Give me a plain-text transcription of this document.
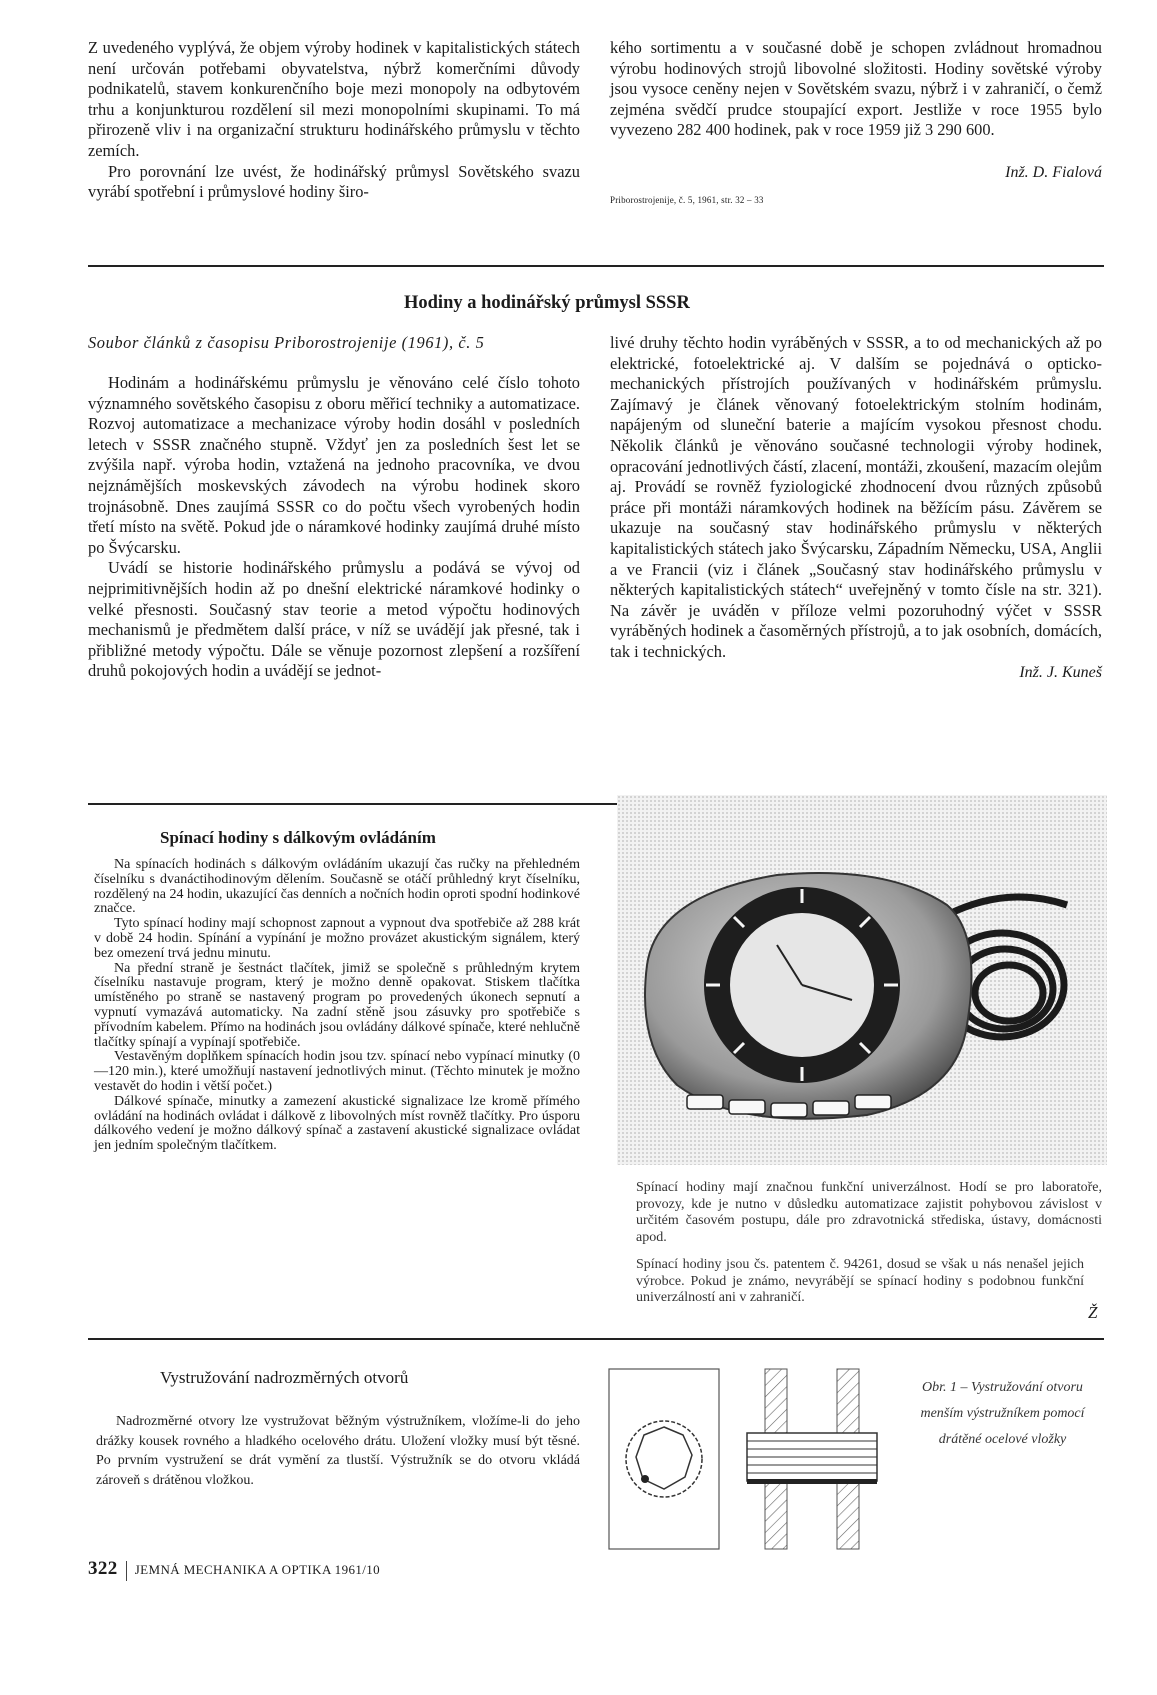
Z uvedeného vyplývá, že objem výroby hodinek v kapitalistických státech není určován potřebami obyvatelstva, nýbrž komerčními důvody podnikatelů, stavem konkurenčního boje mezi monopoly na odbytovém trhu a konjunkturou rozdělení sil mezi monopolními skupinami. To má přirozeně vliv i na organizační strukturu hodinářského průmyslu v těchto zemích.

Pro porovnání lze uvést, že hodinářský průmysl Sovětského svazu vyrábí spotřební i průmyslové hodiny širo-

kého sortimentu a v současné době je schopen zvládnout hromadnou výrobu hodinových strojů libovolné složitosti. Hodiny sovětské výroby jsou vysoce ceněny nejen v Sovětském svazu, nýbrž i v zahraničí, o čemž zejména svědčí prudce stoupající export. Jestliže v roce 1955 bylo vyvezeno 282 400 hodinek, pak v roce 1959 již 3 290 600.

Inž. D. Fialová
Priborostrojenije, č. 5, 1961, str. 32 – 33
Hodiny a hodinářský průmysl SSSR
Soubor článků z časopisu Priborostrojenije (1961), č. 5

Hodinám a hodinářskému průmyslu je věnováno celé číslo tohoto významného sovětského časopisu z oboru měřicí techniky a automatizace. Rozvoj automatizace a mechanizace výroby hodin dosáhl v posledních letech v SSSR značného stupně. Vždyť jen za posledních šest let se zvýšila např. výroba hodin, vztažená na jednoho pracovníka, ve dvou nejznámějších moskevských závodech na výrobu hodinek skoro trojnásobně. Dnes zaujímá SSSR co do počtu všech vyrobených hodin třetí místo na světě. Pokud jde o náramkové hodinky zaujímá druhé místo po Švýcarsku.

Uvádí se historie hodinářského průmyslu a podává se vývoj od nejprimitivnějších hodin až po dnešní elektrické náramkové hodinky o velké přesnosti. Současný stav teorie a metod výpočtu hodinových mechanismů je předmětem další práce, v níž se uvádějí jak přesné, tak i přibližné metody výpočtu. Dále se věnuje pozornost zlepšení a rozšíření druhů pokojových hodin a uvádějí se jednot-

livé druhy těchto hodin vyráběných v SSSR, a to od mechanických až po elektrické, fotoelektrické aj. V dalším se pojednává o opticko-mechanických přístrojích používaných v hodinářském průmyslu. Zajímavý je článek věnovaný fotoelektrickým stolním hodinám, napájeným od sluneční baterie a majícím vysokou přesnost chodu. Několik článků je věnováno současné technologii výroby hodinek, opracování jednotlivých částí, zlacení, montáži, zkoušení, mazacím olejům aj. Provádí se rovněž fyziologické zhodnocení dvou různých způsobů práce při montáži náramkových hodinek na běžícím pásu. Závěrem se ukazuje na současný stav hodinářského průmyslu v některých kapitalistických státech jako Švýcarsku, Západním Německu, USA, Anglii a ve Francii (viz i článek „Současný stav hodinářského průmyslu v některých kapitalistických státech“ uveřejněný v tomto čísle na str. 321). Na závěr je uváděn v příloze velmi pozoruhodný výčet v SSSR vyráběných hodinek a časoměrných přístrojů, a to jak osobních, domácích, tak i technických.

Inž. J. Kuneš
Spínací hodiny s dálkovým ovládáním

Na spínacích hodinách s dálkovým ovládáním ukazují čas ručky na přehledném číselníku s dvanáctihodinovým dělením. Současně se otáčí průhledný kryt číselníku, rozdělený na 24 hodin, ukazující čas denních a nočních hodin oproti spodní hodinkové značce.

Tyto spínací hodiny mají schopnost zapnout a vypnout dva spotřebiče až 288 krát v době 24 hodin. Spínání a vypínání je možno provázet akustickým signálem, který bez omezení trvá jednu minutu.

Na přední straně je šestnáct tlačítek, jimiž se společně s průhledným krytem číselníku nastavuje program, který je možno denně opakovat. Stiskem tlačítka umístěného po straně se nastavený program po provedených úkonech sepnutí a vypnutí vymazává automaticky. Na zadní stěně jsou zásuvky pro spotřebiče s přívodním kabelem. Přímo na hodinách jsou ovládány dálkové spínače, které nehlučně tlačítky spínají a vypínají spotřebiče.

Vestavěným doplňkem spínacích hodin jsou tzv. spínací nebo vypínací minutky (0—120 min.), které umožňují nastavení jednotlivých minut. (Těchto minutek je možno vestavět do hodin i větší počet.)

Dálkové spínače, minutky a zamezení akustické signalizace lze kromě přímého ovládání na hodinách ovládat i dálkově z libovolných míst rovněž tlačítky. Pro úsporu dálkového vedení je možno dálkový spínač a zastavení akustické signalizace ovládat jen jedním společným tlačítkem.

Spínací hodiny mají značnou funkční univerzálnost. Hodí se pro laboratoře, provozy, kde je nutno v důsledku automatizace zajistit pohybovou závislost v určitém časovém postupu, dále pro zdravotnická střediska, ústavy, domácnosti apod.
Spínací hodiny jsou čs. patentem č. 94261, dosud se však u nás nenašel jejich výrobce. Pokud je známo, nevyrábějí se spínací hodiny s podobnou funkční univerzálností ani v zahraničí.
Ž
Vystružování nadrozměrných otvorů

Nadrozměrné otvory lze vystružovat běžným výstružníkem, vložíme-li do jeho drážky kousek rovného a hladkého ocelového drátu. Uložení vložky musí být těsné. Po prvním vystružení se drát vymění za tlustší. Výstružník se do otvoru vkládá zároveň s drátěnou vložkou.

Obr. 1 – Vystružování otvoru menším výstružníkem pomocí drátěné ocelové vložky
322 JEMNÁ MECHANIKA A OPTIKA 1961/10
